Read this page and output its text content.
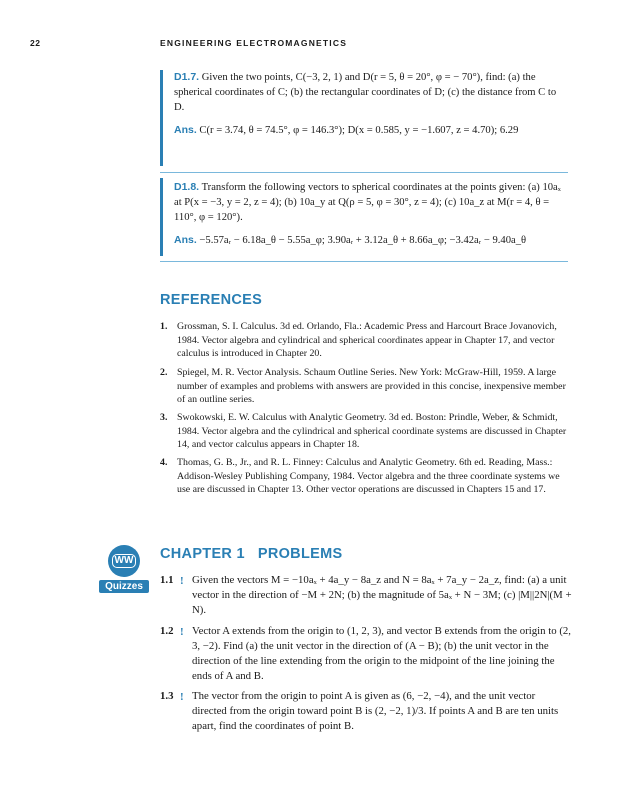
22	ENGINEERING ELECTROMAGNETICS

D1.7. Given the two points, C(−3, 2, 1) and D(r = 5, θ = 20°, φ = − 70°), find: (a) the spherical coordinates of C; (b) the rectangular coordinates of D; (c) the distance from C to D.

Ans. C(r = 3.74, θ = 74.5°, φ = 146.3°); D(x = 0.585, y = −1.607, z = 4.70); 6.29

D1.8. Transform the following vectors to spherical coordinates at the points given: (a) 10aₓ at P(x = −3, y = 2, z = 4); (b) 10a_y at Q(ρ = 5, φ = 30°, z = 4); (c) 10a_z at M(r = 4, θ = 110°, φ = 120°).

Ans. −5.57aᵣ − 6.18a_θ − 5.55a_φ; 3.90aᵣ + 3.12a_θ + 8.66a_φ; −3.42aᵣ − 9.40a_θ

REFERENCES
1. Grossman, S. I. Calculus. 3d ed. Orlando, Fla.: Academic Press and Harcourt Brace Jovanovich, 1984. Vector algebra and cylindrical and spherical coordinates appear in Chapter 17, and vector calculus is introduced in Chapter 20.
2. Spiegel, M. R. Vector Analysis. Schaum Outline Series. New York: McGraw-Hill, 1959. A large number of examples and problems with answers are provided in this concise, inexpensive member of an outline series.
3. Swokowski, E. W. Calculus with Analytic Geometry. 3d ed. Boston: Prindle, Weber, & Schmidt, 1984. Vector algebra and the cylindrical and spherical coordinate systems are discussed in Chapter 14, and vector calculus appears in Chapter 18.
4. Thomas, G. B., Jr., and R. L. Finney: Calculus and Analytic Geometry. 6th ed. Reading, Mass.: Addison-Wesley Publishing Company, 1984. Vector algebra and the three coordinate systems we use are discussed in Chapter 13. Other vector operations are discussed in Chapters 15 and 17.
WW
Quizzes
CHAPTER 1   PROBLEMS
1.1 ! Given the vectors M = −10aₓ + 4a_y − 8a_z and N = 8aₓ + 7a_y − 2a_z, find: (a) a unit vector in the direction of −M + 2N; (b) the magnitude of 5aₓ + N − 3M; (c) |M||2N|(M + N).
1.2 ! Vector A extends from the origin to (1, 2, 3), and vector B extends from the origin to (2, 3, −2). Find (a) the unit vector in the direction of (A − B); (b) the unit vector in the direction of the line extending from the origin to the midpoint of the line joining the ends of A and B.
1.3 ! The vector from the origin to point A is given as (6, −2, −4), and the unit vector directed from the origin toward point B is (2, −2, 1)/3. If points A and B are ten units apart, find the coordinates of point B.
